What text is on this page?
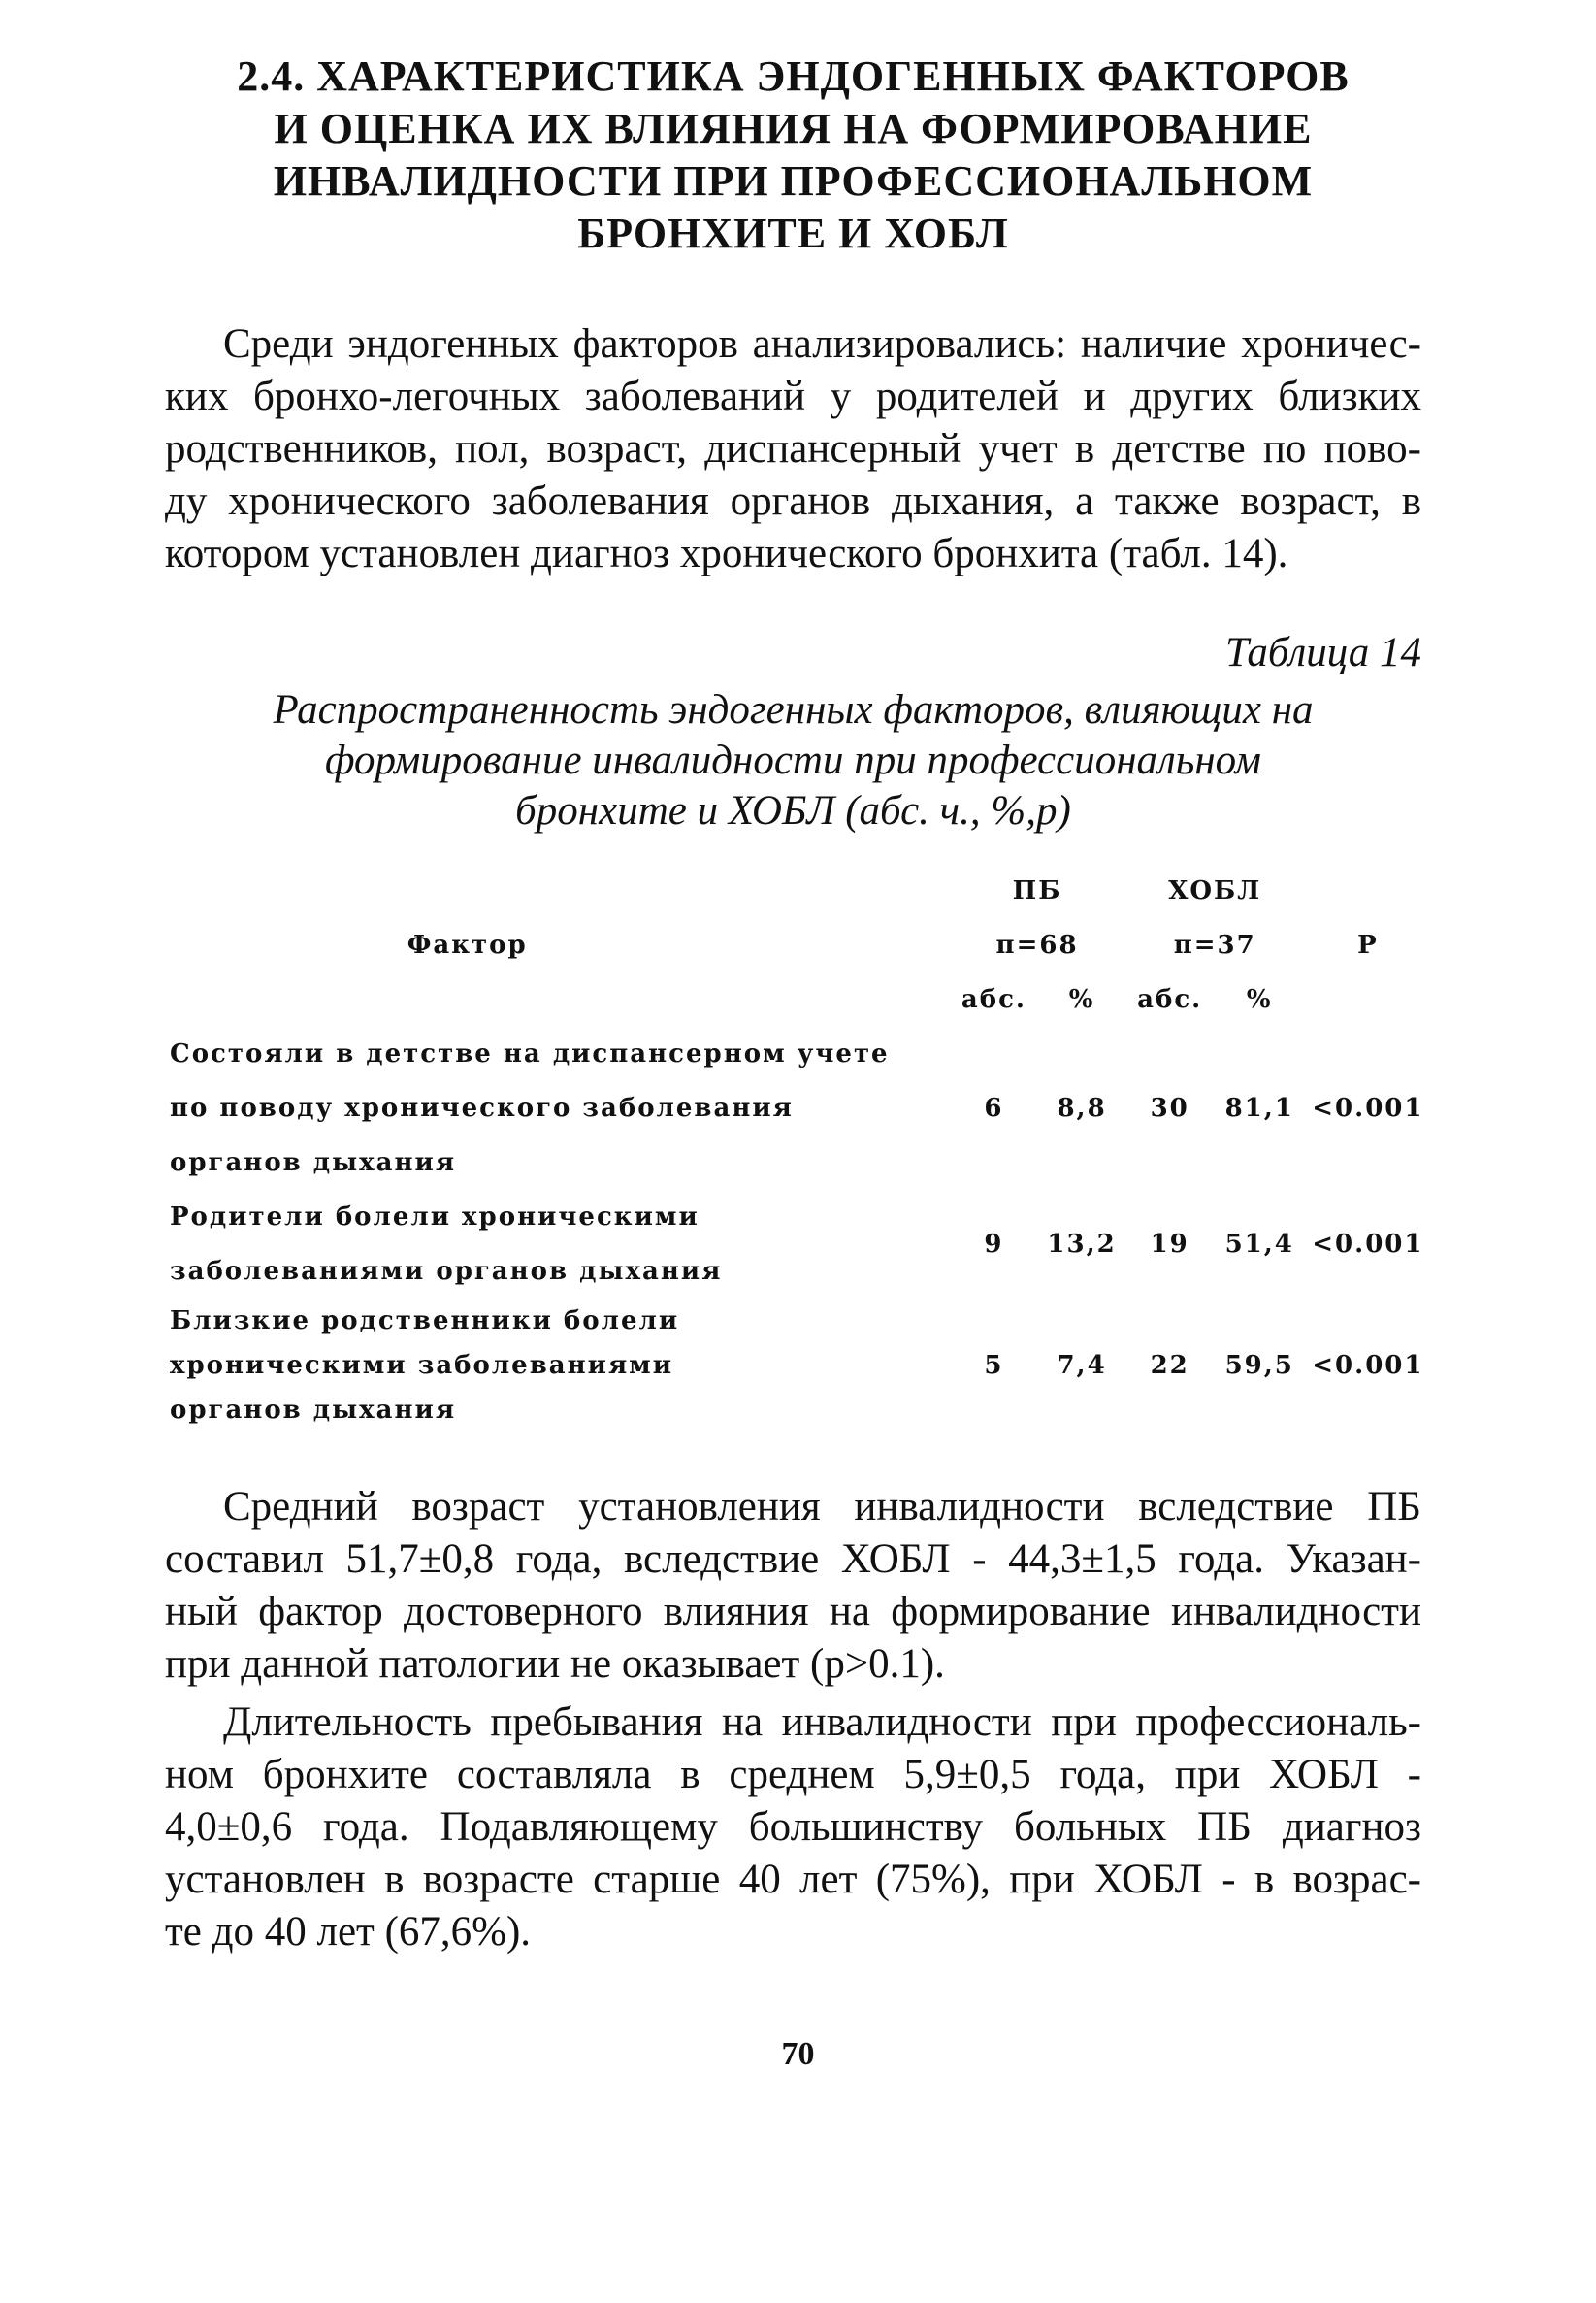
2.4. ХАРАКТЕРИСТИКА ЭНДОГЕННЫХ ФАКТОРОВ
И ОЦЕНКА ИХ ВЛИЯНИЯ НА ФОРМИРОВАНИЕ
ИНВАЛИДНОСТИ ПРИ ПРОФЕССИОНАЛЬНОМ
БРОНХИТЕ И ХОБЛ
Среди эндогенных факторов анализировались: наличие хроничес-
ких бронхо-легочных заболеваний у родителей и других близких
родственников, пол, возраст, диспансерный учет в детстве по пово-
ду хронического заболевания органов дыхания, а также возраст, в
котором установлен диагноз хронического бронхита (табл. 14).
Таблица 14
Распространенность эндогенных факторов, влияющих на
формирование инвалидности при профессиональном
бронхите и ХОБЛ (абс. ч., %,р)
Фактор	ПБ		ХОБЛ		Р
	п=68		п=37		
	абс.	%	абс.	%	

Состояли в детстве на диспансерном учете
по поводу хронического заболевания
органов дыхания	6	8,8	30	81,1	<0.001

Родители болели хроническими
заболеваниями органов дыхания	9	13,2	19	51,4	<0.001

Близкие родственники болели
хроническими заболеваниями
органов дыхания	5	7,4	22	59,5	<0.001
Средний возраст установления инвалидности вследствие ПБ
составил 51,7±0,8 года, вследствие ХОБЛ - 44,3±1,5 года. Указан-
ный фактор достоверного влияния на формирование инвалидности
при данной патологии не оказывает (р>0.1).
Длительность пребывания на инвалидности при профессиональ-
ном бронхите составляла в среднем 5,9±0,5 года, при ХОБЛ -
4,0±0,6 года. Подавляющему большинству больных ПБ диагноз
установлен в возрасте старше 40 лет (75%), при ХОБЛ - в возрас-
те до 40 лет (67,6%).
70
